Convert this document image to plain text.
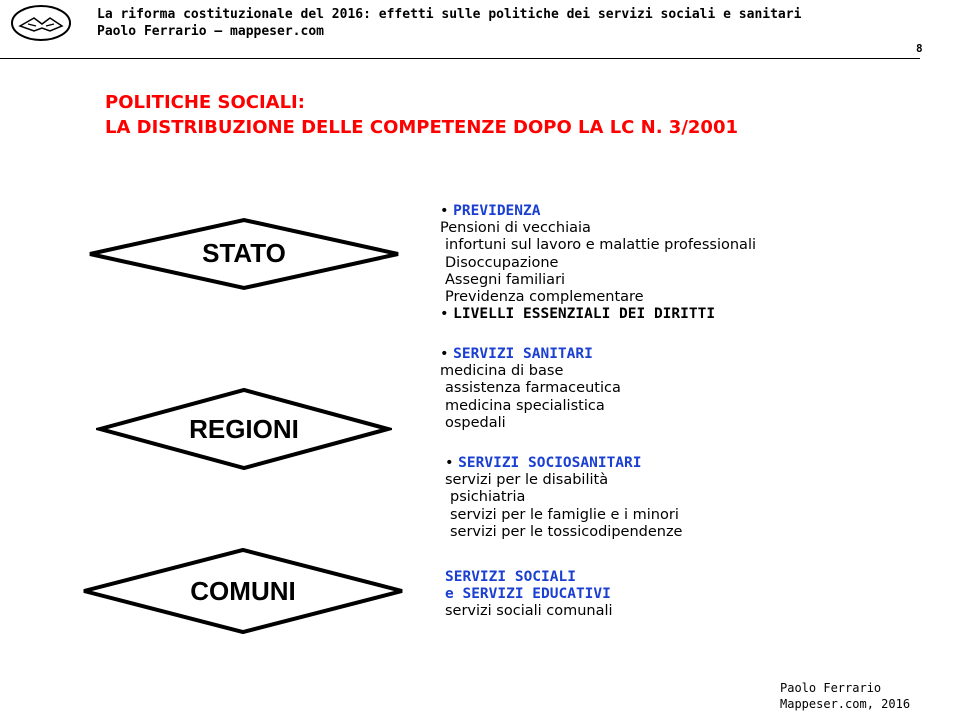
La riforma costituzionale del 2016: effetti sulle politiche dei servizi sociali e sanitari
Paolo Ferrario – mappeser.com
8
POLITICHE SOCIALI:
LA DISTRIBUZIONE DELLE COMPETENZE DOPO LA LC N. 3/2001
STATO
REGIONI
COMUNI
• PREVIDENZA
Pensioni di vecchiaia
infortuni sul lavoro e malattie professionali
Disoccupazione
Assegni familiari
Previdenza complementare
• LIVELLI ESSENZIALI DEI DIRITTI
• SERVIZI SANITARI
medicina di base
assistenza farmaceutica
medicina specialistica
ospedali
• SERVIZI SOCIOSANITARI
servizi per le disabilità
psichiatria
servizi per le famiglie e i minori
servizi per le tossicodipendenze
SERVIZI SOCIALI
e SERVIZI EDUCATIVI
servizi sociali comunali
Paolo Ferrario
Mappeser.com, 2016
